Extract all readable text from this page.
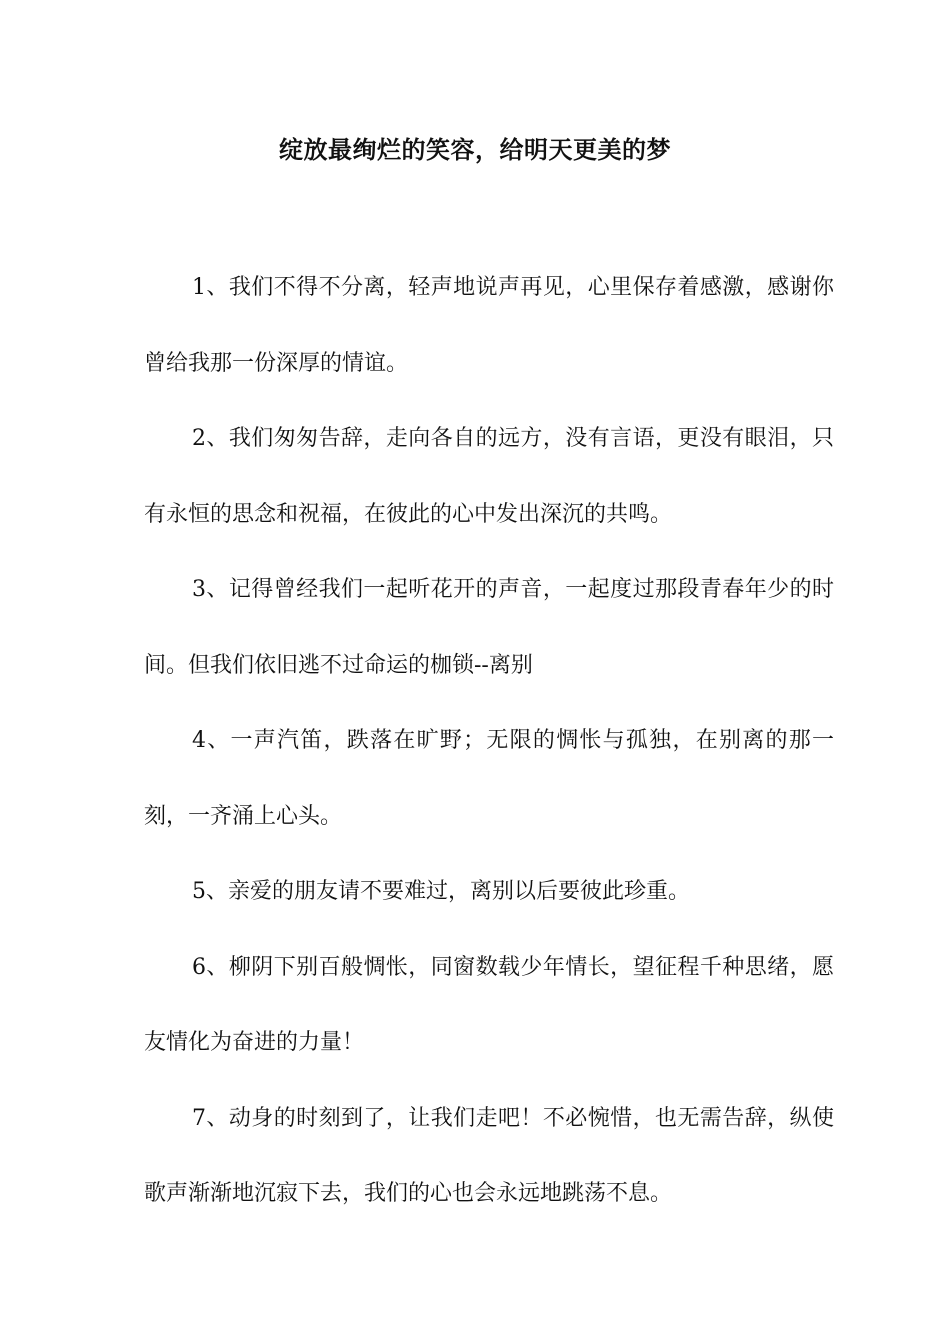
绽放最绚烂的笑容，给明天更美的梦

1、我们不得不分离，轻声地说声再见，心里保存着感激，感谢你曾给我那一份深厚的情谊。

2、我们匆匆告辞，走向各自的远方，没有言语，更没有眼泪，只有永恒的思念和祝福，在彼此的心中发出深沉的共鸣。

3、记得曾经我们一起听花开的声音，一起度过那段青春年少的时间。但我们依旧逃不过命运的枷锁--离别

4、一声汽笛，跌落在旷野；无限的惆怅与孤独，在别离的那一刻，一齐涌上心头。

5、亲爱的朋友请不要难过，离别以后要彼此珍重。

6、柳阴下别百般惆怅，同窗数载少年情长，望征程千种思绪，愿友情化为奋进的力量！

7、动身的时刻到了，让我们走吧！不必惋惜，也无需告辞，纵使歌声渐渐地沉寂下去，我们的心也会永远地跳荡不息。
